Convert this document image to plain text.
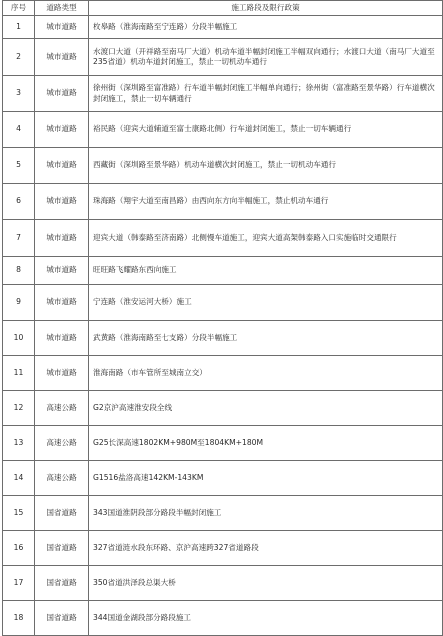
序号	道路类型	施工路段及限行政策
1	城市道路	枚皋路（淮海南路至宁连路）分段半幅施工
2	城市道路	水渡口大道（开祥路至南马厂大道）机动车道半幅封闭施工半幅双向通行；水渡口大道（南马厂大道至235省道）机动车道封闭施工，禁止一切机动车通行
3	城市道路	徐州街（深圳路至富准路）行车道半幅封闭施工半幅单向通行；徐州街（富准路至景华路）行车道横次封闭施工，禁止一切车辆通行
4	城市道路	裕民路（迎宾大道辅道至富士康路北侧）行车道封闭施工，禁止一切车辆通行
5	城市道路	西藏街（深圳路至景华路）机动车道横次封闭施工，禁止一切机动车通行
6	城市道路	珠海路（翔宇大道至南昌路）由西向东方向半幅施工，禁止机动车通行
7	城市道路	迎宾大道（韩泰路至济南路）北侧慢车道施工，迎宾大道高架韩泰路入口实施临时交通限行
8	城市道路	旺旺路飞耀路东西向施工
9	城市道路	宁连路（淮安运河大桥）施工
10	城市道路	武黄路（淮海南路至七支路）分段半幅施工
11	城市道路	淮海南路（市车管所至城南立交）
12	高速公路	G2京沪高速淮安段全线
13	高速公路	G25长深高速1802KM+980M至1804KM+180M
14	高速公路	G1516盐洛高速142KM-143KM
15	国省道路	343国道淮阴段部分路段半幅封闭施工
16	国省道路	327省道涟水段东环路、京沪高速跨327省道路段
17	国省道路	350省道洪泽段总渠大桥
18	国省道路	344国道金湖段部分路段施工
